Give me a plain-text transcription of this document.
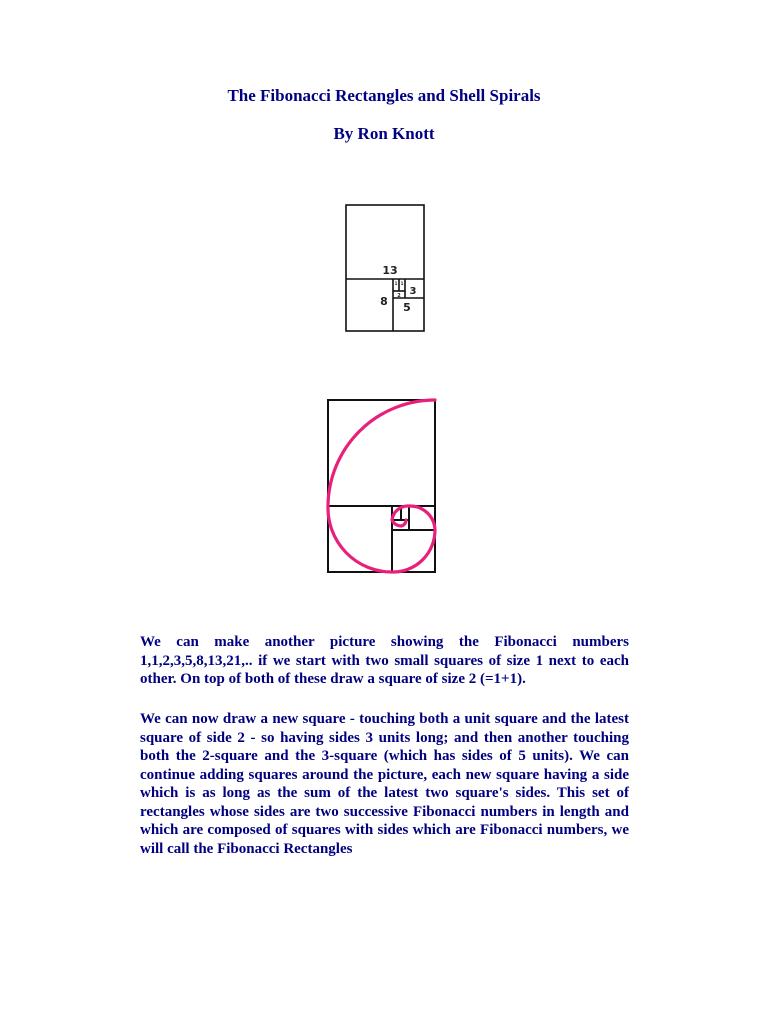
The Fibonacci Rectangles and Shell Spirals
By Ron Knott
13
8 5
3
2
1 1

We can make another picture showing the Fibonacci numbers 1,1,2,3,5,8,13,21,.. if we start with two small squares of size 1 next to each other. On top of both of these draw a square of size 2 (=1+1).

We can now draw a new square - touching both a unit square and the latest square of side 2 - so having sides 3 units long; and then another touching both the 2-square and the 3-square (which has sides of 5 units). We can continue adding squares around the picture, each new square having a side which is as long as the sum of the latest two square's sides. This set of rectangles whose sides are two successive Fibonacci numbers in length and which are composed of squares with sides which are Fibonacci numbers, we will call the Fibonacci Rectangles
